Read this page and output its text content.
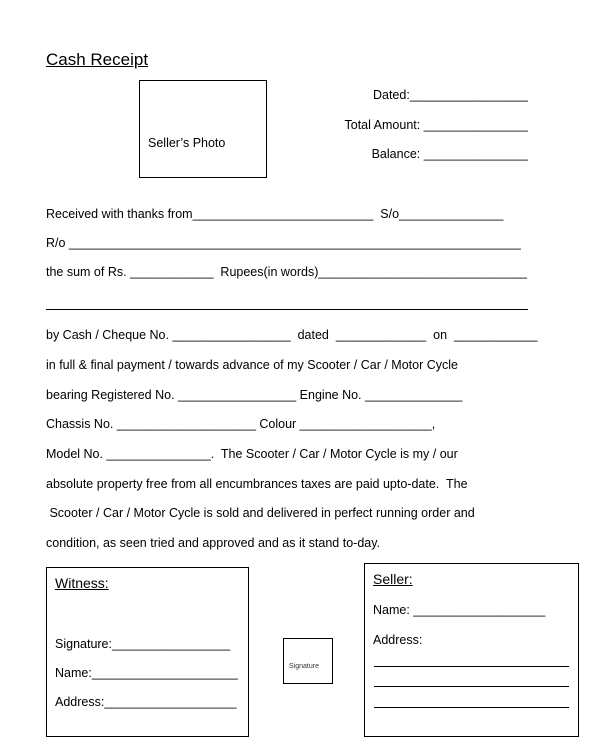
Cash Receipt
Seller’s Photo
Dated:_________________
Total Amount: _______________
Balance: _______________
Received with thanks from__________________________  S/o_______________
R/o _________________________________________________________________
the sum of Rs. ____________  Rupees(in words)______________________________
by Cash / Cheque No. _________________  dated  _____________  on  ____________
in full & final payment / towards advance of my Scooter / Car / Motor Cycle
bearing Registered No. _________________ Engine No. ______________
Chassis No. ____________________ Colour ___________________,
Model No. _______________.  The Scooter / Car / Motor Cycle is my / our
absolute property free from all encumbrances taxes are paid upto-date.  The
Scooter / Car / Motor Cycle is sold and delivered in perfect running order and
condition, as seen tried and approved and as it stand to-day.
Witness:
Signature:_________________
Name:_____________________
Address:___________________
Signature
Seller:
Name: ___________________
Address:
